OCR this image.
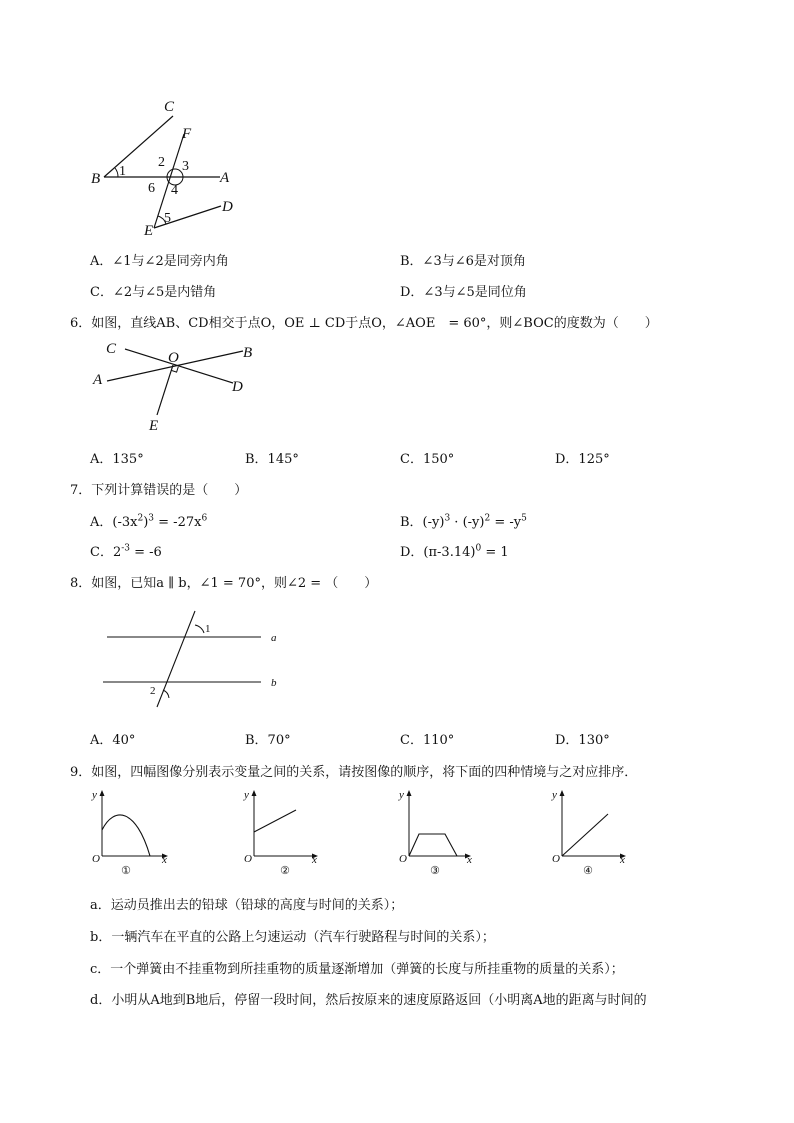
C
F
B	A
E
D
1
2 3
4
5
6
A．∠1与∠2是同旁内角	B．∠3与∠6是对顶角
C．∠2与∠5是内错角	D．∠3与∠5是同位角
6．如图，直线AB、CD相交于点O，OE ⊥ CD于点O，∠AOE　= 60°，则∠BOC的度数为（　　）
C
O	B
A	D
E
A．135°	B．145°	C．150°	D．125°
7．下列计算错误的是（　　）
A．$(-3x^2)^3 = -27x^6$	B．$(-y)^3 \cdot (-y)^2 = -y^5$
C．$2^{-3} = -6$	D．$(\pi-3.14)^0 = 1$
8．如图，已知a ∥ b，∠1 = 70°，则∠2 = （　　）
a
b
1
2
A．40°	B．70°	C．110°	D．130°
9．如图，四幅图像分别表示变量之间的关系，请按图像的顺序，将下面的四种情境与之对应排序．
y
x
O
①
y
x
O
②
y
x
O
③
y
x
O
④
a．运动员推出去的铅球（铅球的高度与时间的关系）；
b．一辆汽车在平直的公路上匀速运动（汽车行驶路程与时间的关系）；
c．一个弹簧由不挂重物到所挂重物的质量逐渐增加（弹簧的长度与所挂重物的质量的关系）；
d．小明从A地到B地后，停留一段时间，然后按原来的速度原路返回（小明离A地的距离与时间的
